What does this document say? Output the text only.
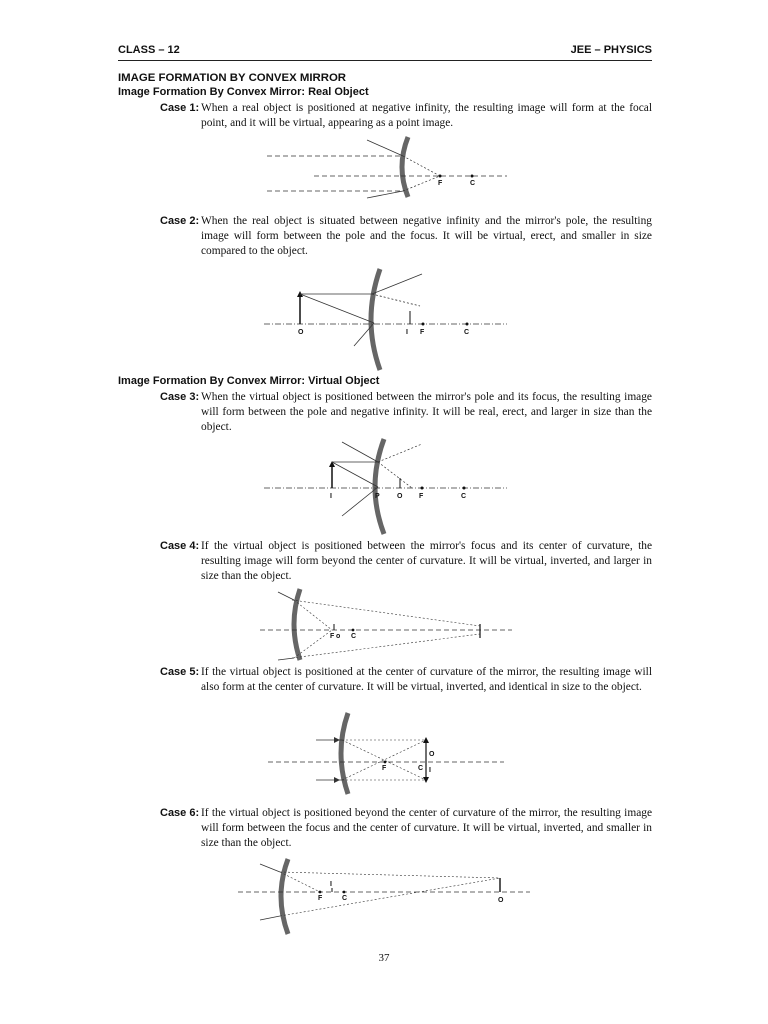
CLASS – 12	JEE – PHYSICS
IMAGE FORMATION BY CONVEX MIRROR
Image Formation By Convex Mirror: Real Object
Case 1: When a real object is positioned at negative infinity, the resulting image will form at the focal point, and it will be virtual, appearing as a point image.
F	C
Case 2: When the real object is situated between negative infinity and the mirror's pole, the resulting image will form between the pole and the focus. It will be virtual, erect, and smaller in size compared to the object.
O	I F	C
Image Formation By Convex Mirror: Virtual Object
Case 3: When the virtual object is positioned between the mirror's pole and its focus, the resulting image will form between the pole and negative infinity. It will be real, erect, and larger in size than the object.
I	P O F	C
Case 4: If the virtual object is positioned between the mirror's focus and its center of curvature, the resulting image will form beyond the center of curvature. It will be virtual, inverted, and larger in size than the object.
F o C
Case 5: If the virtual object is positioned at the center of curvature of the mirror, the resulting image will also form at the center of curvature. It will be virtual, inverted, and identical in size to the object.
F	C
O
I
Case 6: If the virtual object is positioned beyond the center of curvature of the mirror, the resulting image will form between the focus and the center of curvature. It will be virtual, inverted, and smaller in size than the object.
F
I
C	O
37
